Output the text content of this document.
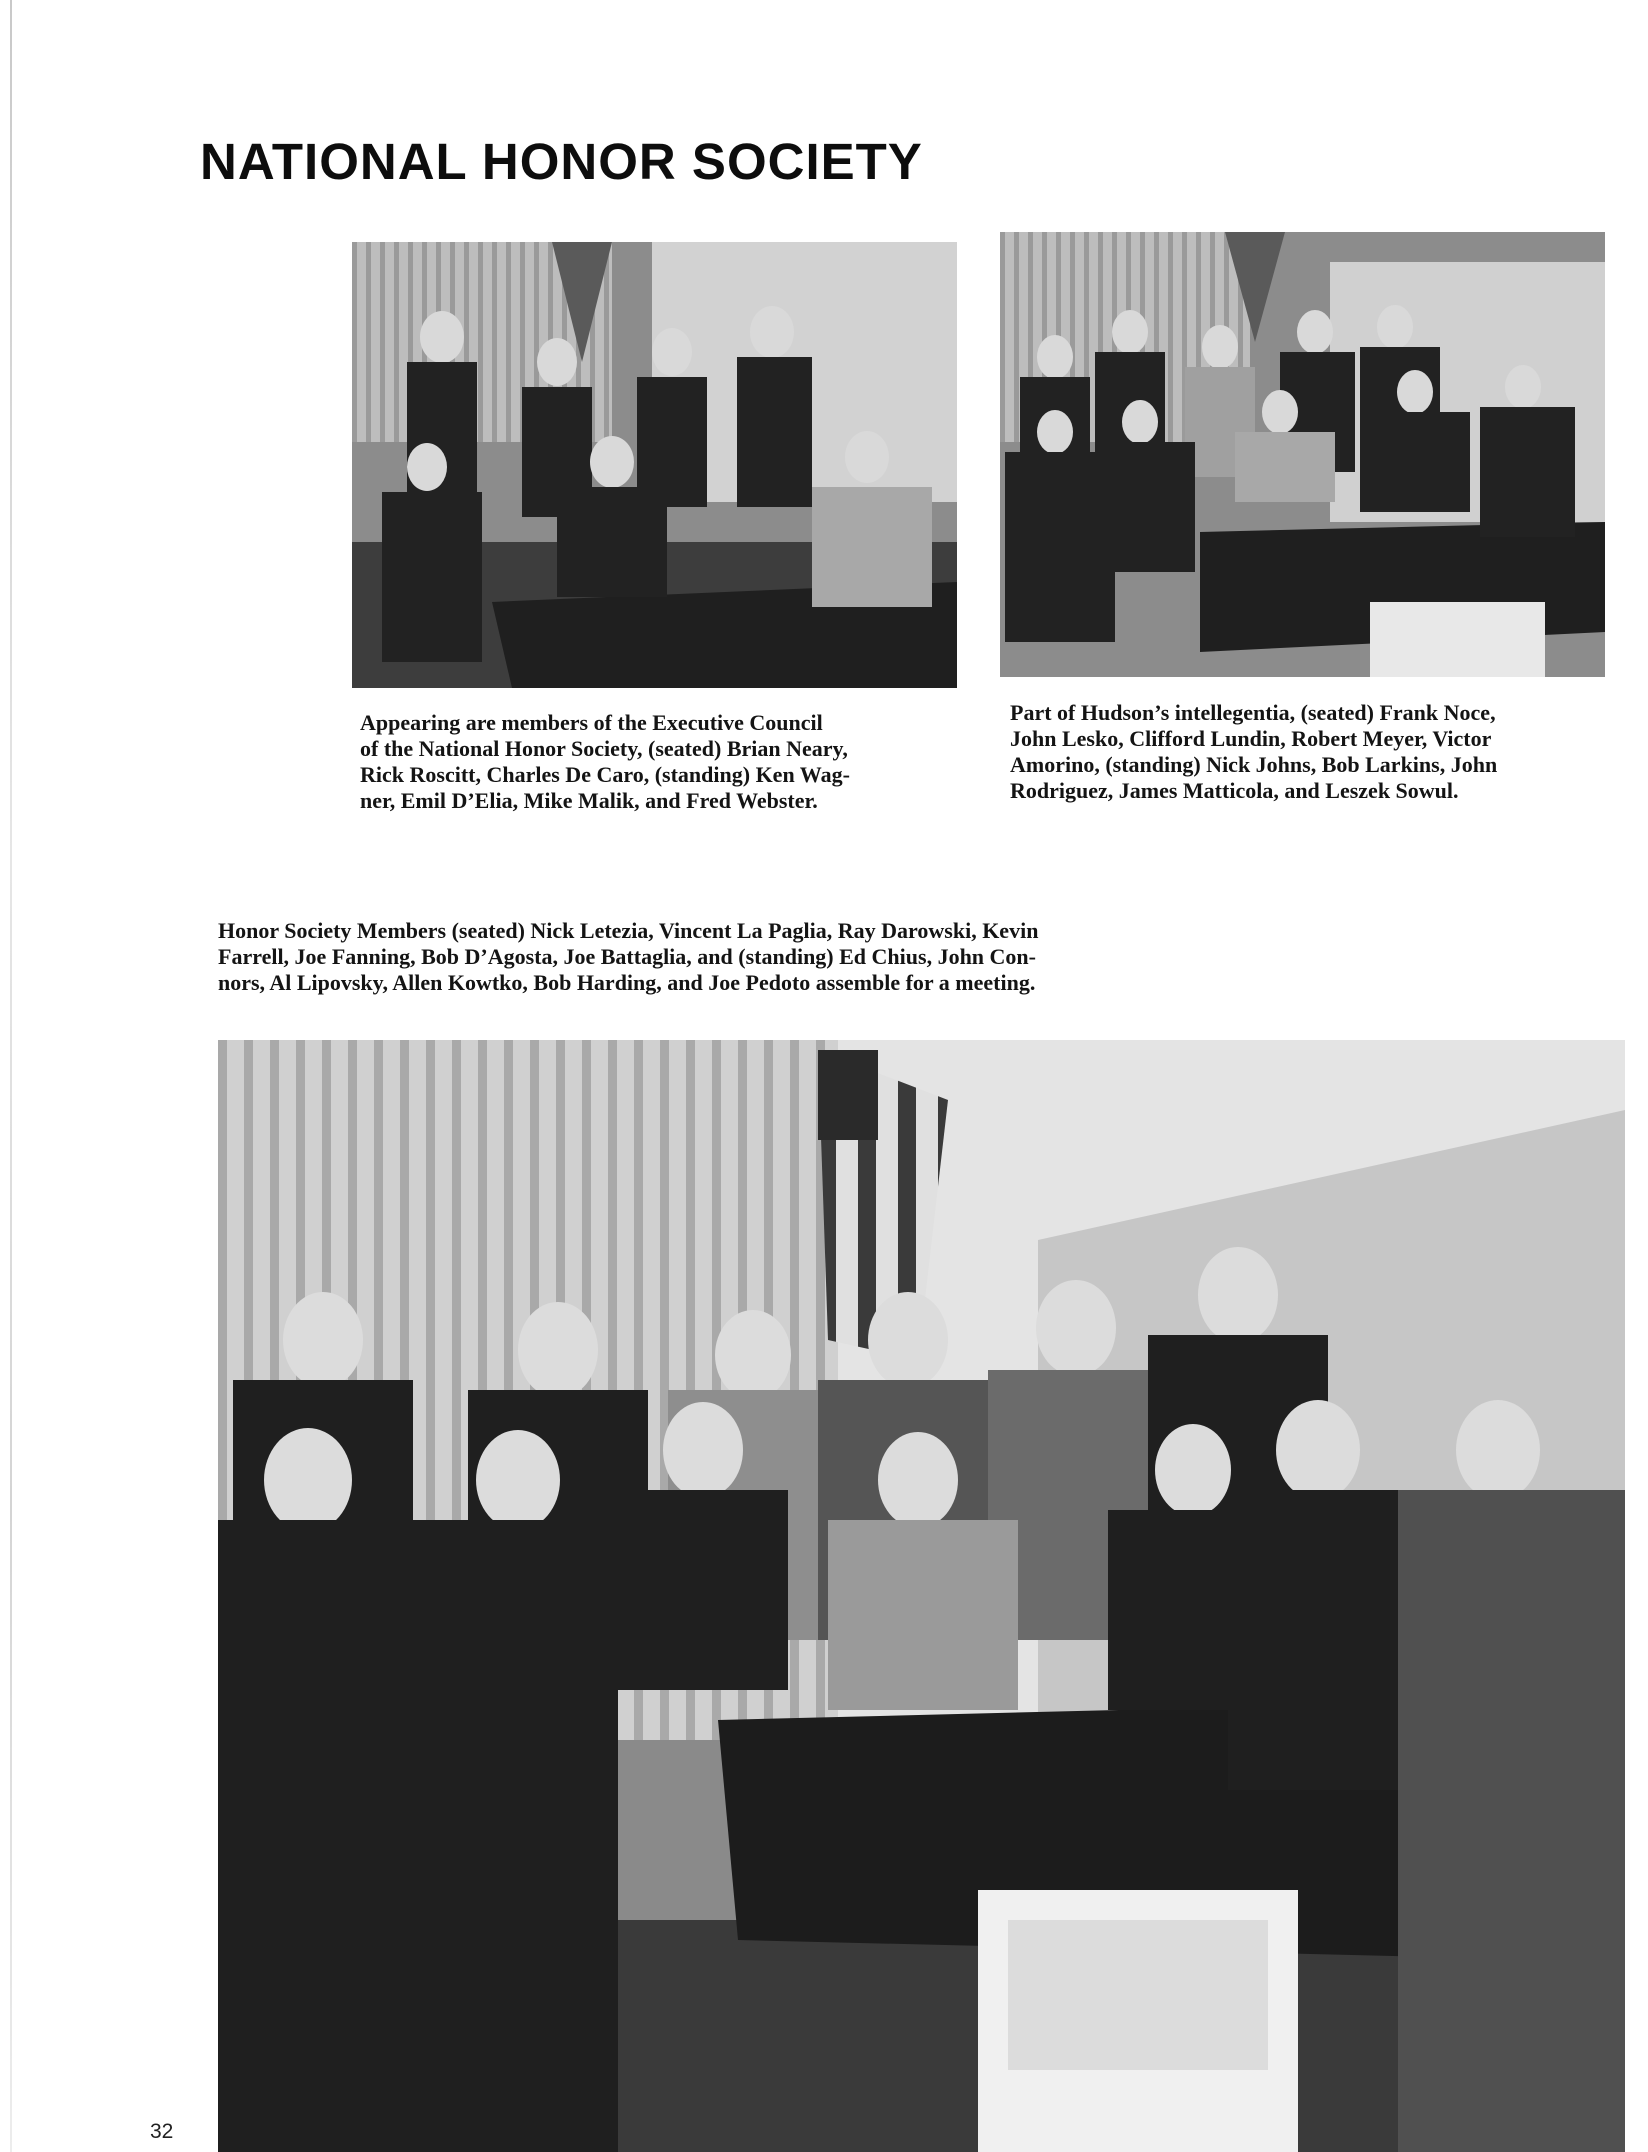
NATIONAL HONOR SOCIETY
Appearing are members of the Executive Council
of the National Honor Society, (seated) Brian Neary,
Rick Roscitt, Charles De Caro, (standing) Ken Wag-
ner, Emil D’Elia, Mike Malik, and Fred Webster.
Part of Hudson’s intellegentia, (seated) Frank Noce,
John Lesko, Clifford Lundin, Robert Meyer, Victor
Amorino, (standing) Nick Johns, Bob Larkins, John
Rodriguez, James Matticola, and Leszek Sowul.
Honor Society Members (seated) Nick Letezia, Vincent La Paglia, Ray Darowski, Kevin
Farrell, Joe Fanning, Bob D’Agosta, Joe Battaglia, and (standing) Ed Chius, John Con-
nors, Al Lipovsky, Allen Kowtko, Bob Harding, and Joe Pedoto assemble for a meeting.
32
